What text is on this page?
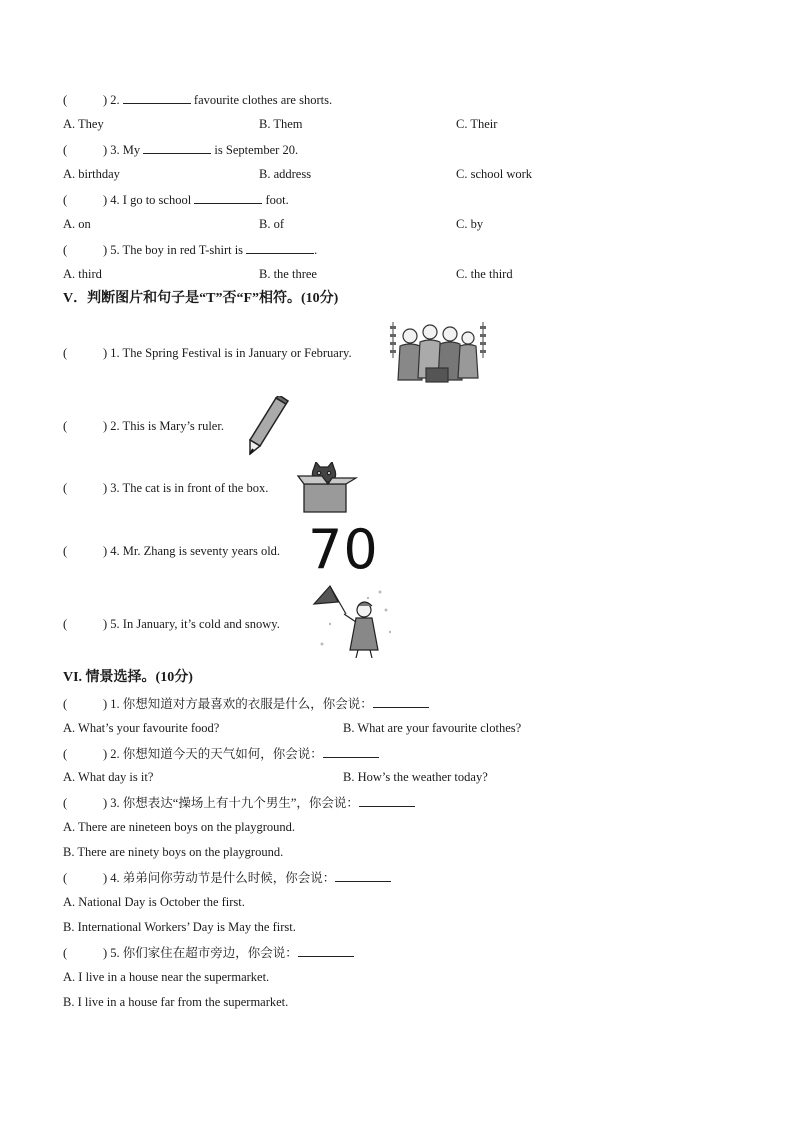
(	) 2.	favourite clothes are shorts.
A. They	B. Them	C. Their
(	) 3. My	is September 20.
A. birthday	B. address	C. school work
(	) 4. I go to school	foot.
A. on	B. of	C. by
(	) 5. The boy in red T-shirt is	.
A. third	B. the three	C. the third
V．判断图片和句子是“T”否“F”相符。(10分)
(	) 1. The Spring Festival is in January or February.
(	) 2. This is Mary’s ruler.
(	) 3. The cat is in front of the box.
(	) 4. Mr. Zhang is seventy years old. 70
(	) 5. In January, it’s cold and snowy.
VI. 情景选择。(10分)
(	) 1. 你想知道对方最喜欢的衣服是什么，你会说：
A. What’s your favourite food?	B. What are your favourite clothes?
(	) 2. 你想知道今天的天气如何，你会说：
A. What day is it?	B. How’s the weather today?
(	) 3. 你想表达“操场上有十九个男生”，你会说：
A. There are nineteen boys on the playground.
B. There are ninety boys on the playground.
(	) 4. 弟弟问你劳动节是什么时候，你会说：
A. National Day is October the first.
B. International Workers’ Day is May the first.
(	) 5. 你们家住在超市旁边，你会说：
A. I live in a house near the supermarket.
B. I live in a house far from the supermarket.
